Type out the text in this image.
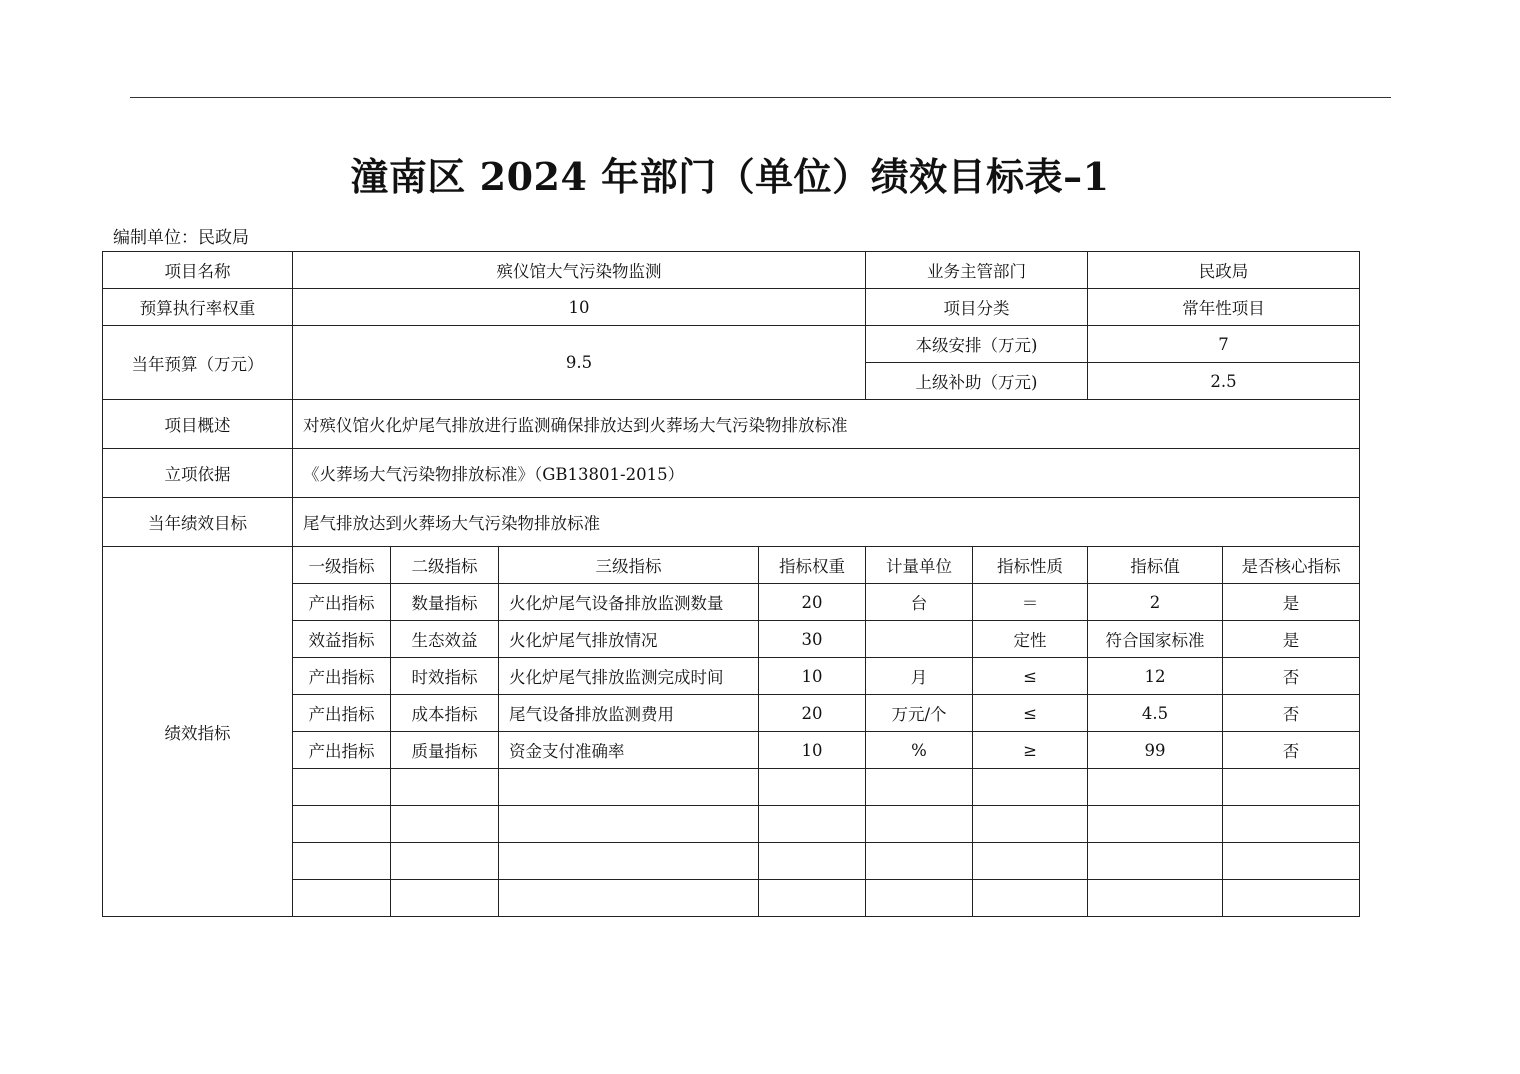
潼南区 2024 年部门（单位）绩效目标表–1
编制单位：民政局
项目名称	殡仪馆大气污染物监测				业务主管部门		民政局	
预算执行率权重	10				项目分类		常年性项目	
当年预算（万元）	9.5				本级安排（万元)		7	
					上级补助（万元)		2.5	
项目概述	对殡仪馆火化炉尾气排放进行监测确保排放达到火葬场大气污染物排放标准							
立项依据	《火葬场大气污染物排放标准》（GB13801-2015）							
当年绩效目标	尾气排放达到火葬场大气污染物排放标准							
绩效指标	一级指标	二级指标	三级指标	指标权重	计量单位	指标性质	指标值	是否核心指标
	产出指标	数量指标	火化炉尾气设备排放监测数量	20	台	＝	2	是
	效益指标	生态效益	火化炉尾气排放情况	30		定性	符合国家标准	是
	产出指标	时效指标	火化炉尾气排放监测完成时间	10	月	≤	12	否
	产出指标	成本指标	尾气设备排放监测费用	20	万元/个	≤	4.5	否
	产出指标	质量指标	资金支付准确率	10	%	≥	99	否
